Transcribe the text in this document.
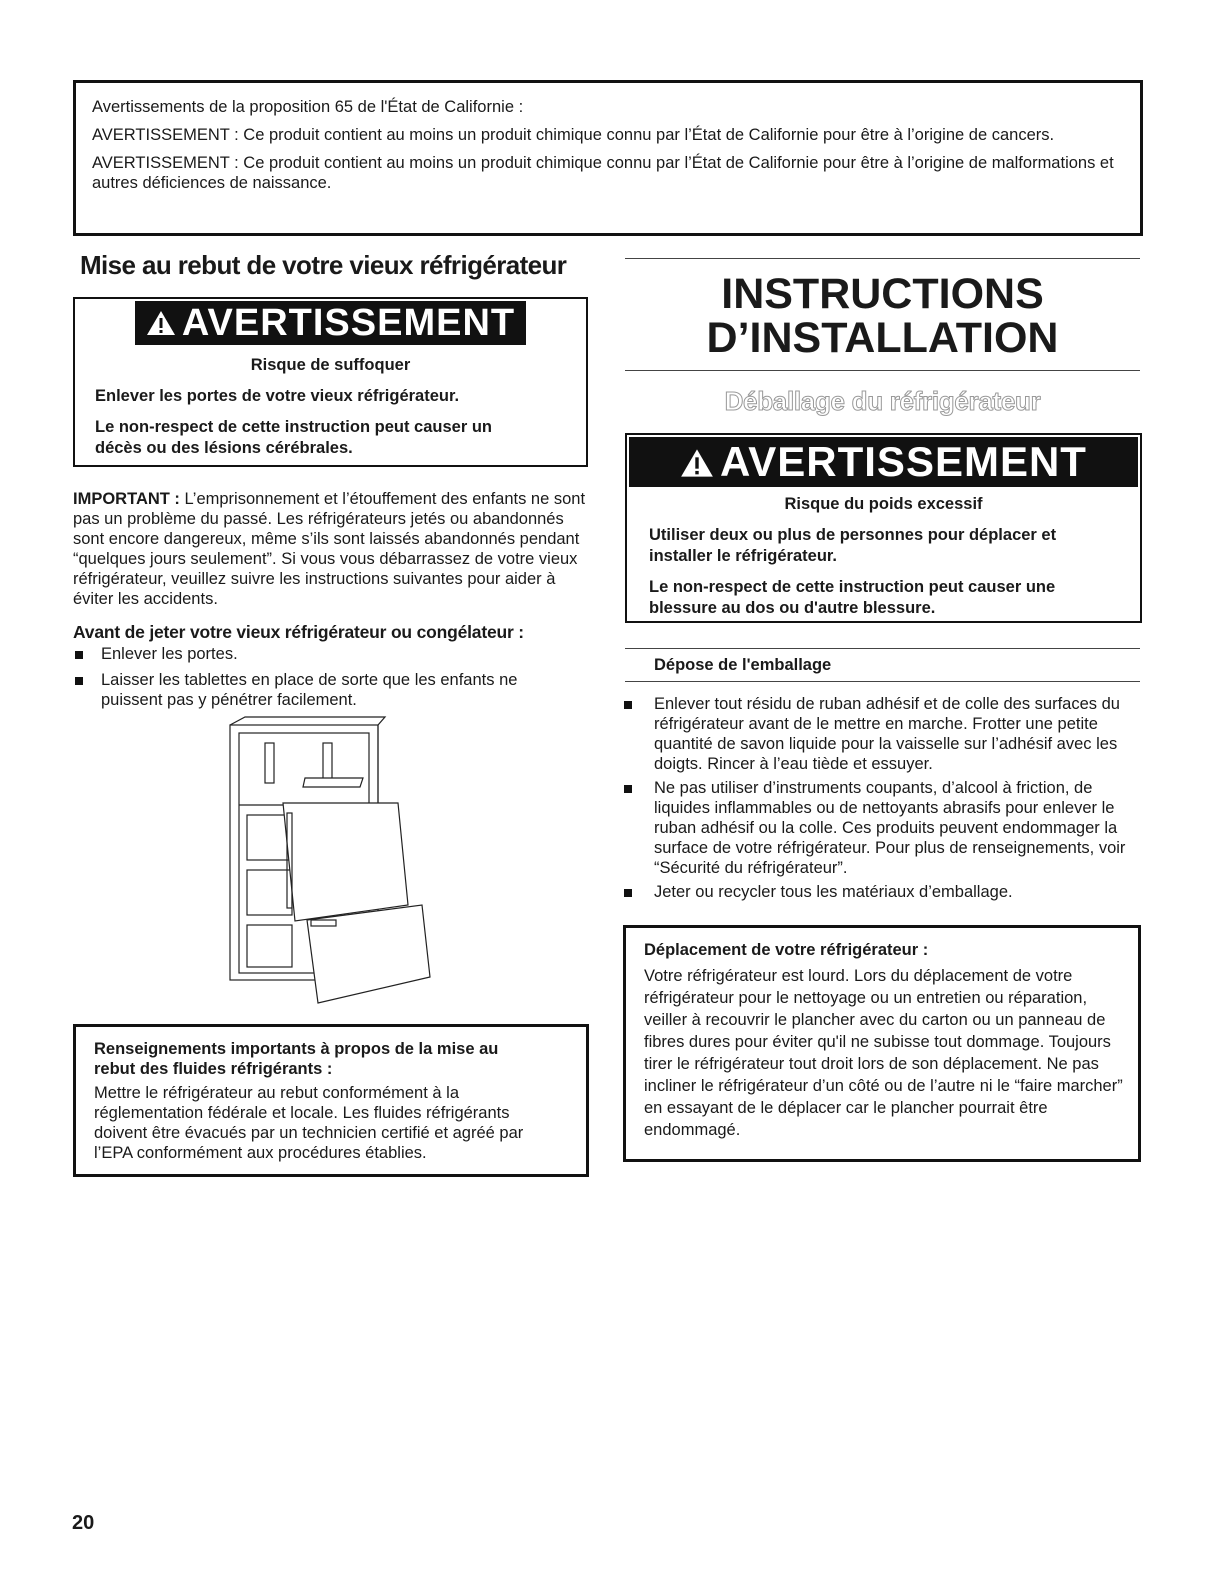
Avertissements de la proposition 65 de l'État de Californie :

AVERTISSEMENT : Ce produit contient au moins un produit chimique connu par l’État de Californie pour être à l’origine de cancers.

AVERTISSEMENT : Ce produit contient au moins un produit chimique connu par l’État de Californie pour être à l’origine de malformations et autres déficiences de naissance.

Mise au rebut de votre vieux réfrigérateur
AVERTISSEMENT

Risque de suffoquer

Enlever les portes de votre vieux réfrigérateur.

Le non-respect de cette instruction peut causer un décès ou des lésions cérébrales.

IMPORTANT : L’emprisonnement et l’étouffement des enfants ne sont pas un problème du passé. Les réfrigérateurs jetés ou abandonnés sont encore dangereux, même s’ils sont laissés abandonnés pendant “quelques jours seulement”. Si vous vous débarrassez de votre vieux réfrigérateur, veuillez suivre les instructions suivantes pour aider à éviter les accidents.
Avant de jeter votre vieux réfrigérateur ou congélateur :
Enlever les portes.
Laisser les tablettes en place de sorte que les enfants ne puissent pas y pénétrer facilement.

Renseignements importants à propos de la mise au rebut des fluides réfrigérants :

Mettre le réfrigérateur au rebut conformément à la réglementation fédérale et locale. Les fluides réfrigérants doivent être évacués par un technicien certifié et agréé par l’EPA conformément aux procédures établies.

INSTRUCTIONS
D’INSTALLATION
Déballage du réfrigérateur
AVERTISSEMENT

Risque du poids excessif

Utiliser deux ou plus de personnes pour déplacer et installer le réfrigérateur.

Le non-respect de cette instruction peut causer une blessure au dos ou d'autre blessure.

Dépose de l'emballage
Enlever tout résidu de ruban adhésif et de colle des surfaces du réfrigérateur avant de le mettre en marche. Frotter une petite quantité de savon liquide pour la vaisselle sur l’adhésif avec les doigts. Rincer à l’eau tiède et essuyer.
Ne pas utiliser d’instruments coupants, d’alcool à friction, de liquides inflammables ou de nettoyants abrasifs pour enlever le ruban adhésif ou la colle. Ces produits peuvent endommager la surface de votre réfrigérateur. Pour plus de renseignements, voir “Sécurité du réfrigérateur”.
Jeter ou recycler tous les matériaux d’emballage.

Déplacement de votre réfrigérateur :

Votre réfrigérateur est lourd. Lors du déplacement de votre réfrigérateur pour le nettoyage ou un entretien ou réparation, veiller à recouvrir le plancher avec du carton ou un panneau de fibres dures pour éviter qu'il ne subisse tout dommage. Toujours tirer le réfrigérateur tout droit lors de son déplacement. Ne pas incliner le réfrigérateur d’un côté ou de l’autre ni le “faire marcher” en essayant de le déplacer car le plancher pourrait être endommagé.

20
